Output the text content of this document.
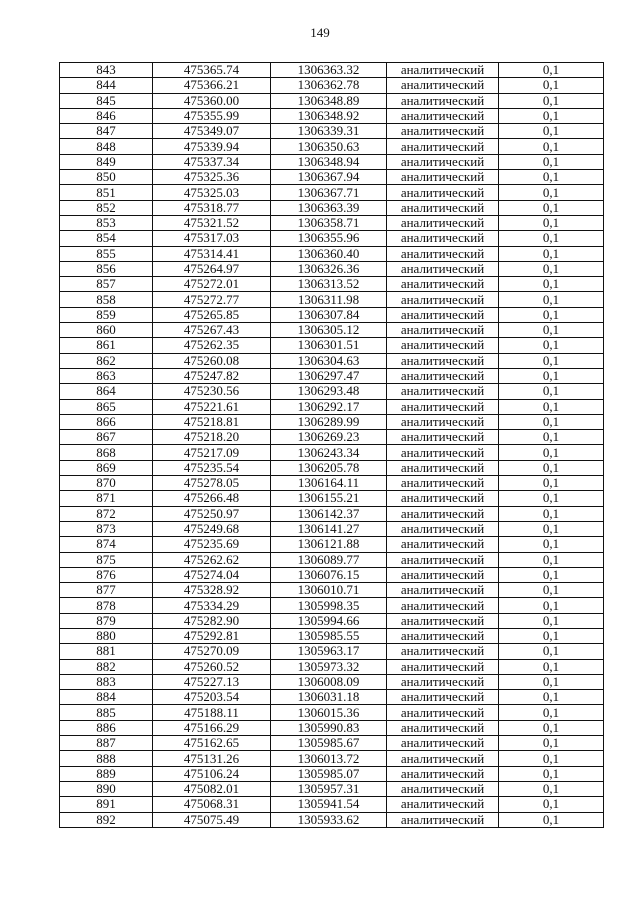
149
843	475365.74	1306363.32	аналитический	0,1
844	475366.21	1306362.78	аналитический	0,1
845	475360.00	1306348.89	аналитический	0,1
846	475355.99	1306348.92	аналитический	0,1
847	475349.07	1306339.31	аналитический	0,1
848	475339.94	1306350.63	аналитический	0,1
849	475337.34	1306348.94	аналитический	0,1
850	475325.36	1306367.94	аналитический	0,1
851	475325.03	1306367.71	аналитический	0,1
852	475318.77	1306363.39	аналитический	0,1
853	475321.52	1306358.71	аналитический	0,1
854	475317.03	1306355.96	аналитический	0,1
855	475314.41	1306360.40	аналитический	0,1
856	475264.97	1306326.36	аналитический	0,1
857	475272.01	1306313.52	аналитический	0,1
858	475272.77	1306311.98	аналитический	0,1
859	475265.85	1306307.84	аналитический	0,1
860	475267.43	1306305.12	аналитический	0,1
861	475262.35	1306301.51	аналитический	0,1
862	475260.08	1306304.63	аналитический	0,1
863	475247.82	1306297.47	аналитический	0,1
864	475230.56	1306293.48	аналитический	0,1
865	475221.61	1306292.17	аналитический	0,1
866	475218.81	1306289.99	аналитический	0,1
867	475218.20	1306269.23	аналитический	0,1
868	475217.09	1306243.34	аналитический	0,1
869	475235.54	1306205.78	аналитический	0,1
870	475278.05	1306164.11	аналитический	0,1
871	475266.48	1306155.21	аналитический	0,1
872	475250.97	1306142.37	аналитический	0,1
873	475249.68	1306141.27	аналитический	0,1
874	475235.69	1306121.88	аналитический	0,1
875	475262.62	1306089.77	аналитический	0,1
876	475274.04	1306076.15	аналитический	0,1
877	475328.92	1306010.71	аналитический	0,1
878	475334.29	1305998.35	аналитический	0,1
879	475282.90	1305994.66	аналитический	0,1
880	475292.81	1305985.55	аналитический	0,1
881	475270.09	1305963.17	аналитический	0,1
882	475260.52	1305973.32	аналитический	0,1
883	475227.13	1306008.09	аналитический	0,1
884	475203.54	1306031.18	аналитический	0,1
885	475188.11	1306015.36	аналитический	0,1
886	475166.29	1305990.83	аналитический	0,1
887	475162.65	1305985.67	аналитический	0,1
888	475131.26	1306013.72	аналитический	0,1
889	475106.24	1305985.07	аналитический	0,1
890	475082.01	1305957.31	аналитический	0,1
891	475068.31	1305941.54	аналитический	0,1
892	475075.49	1305933.62	аналитический	0,1
